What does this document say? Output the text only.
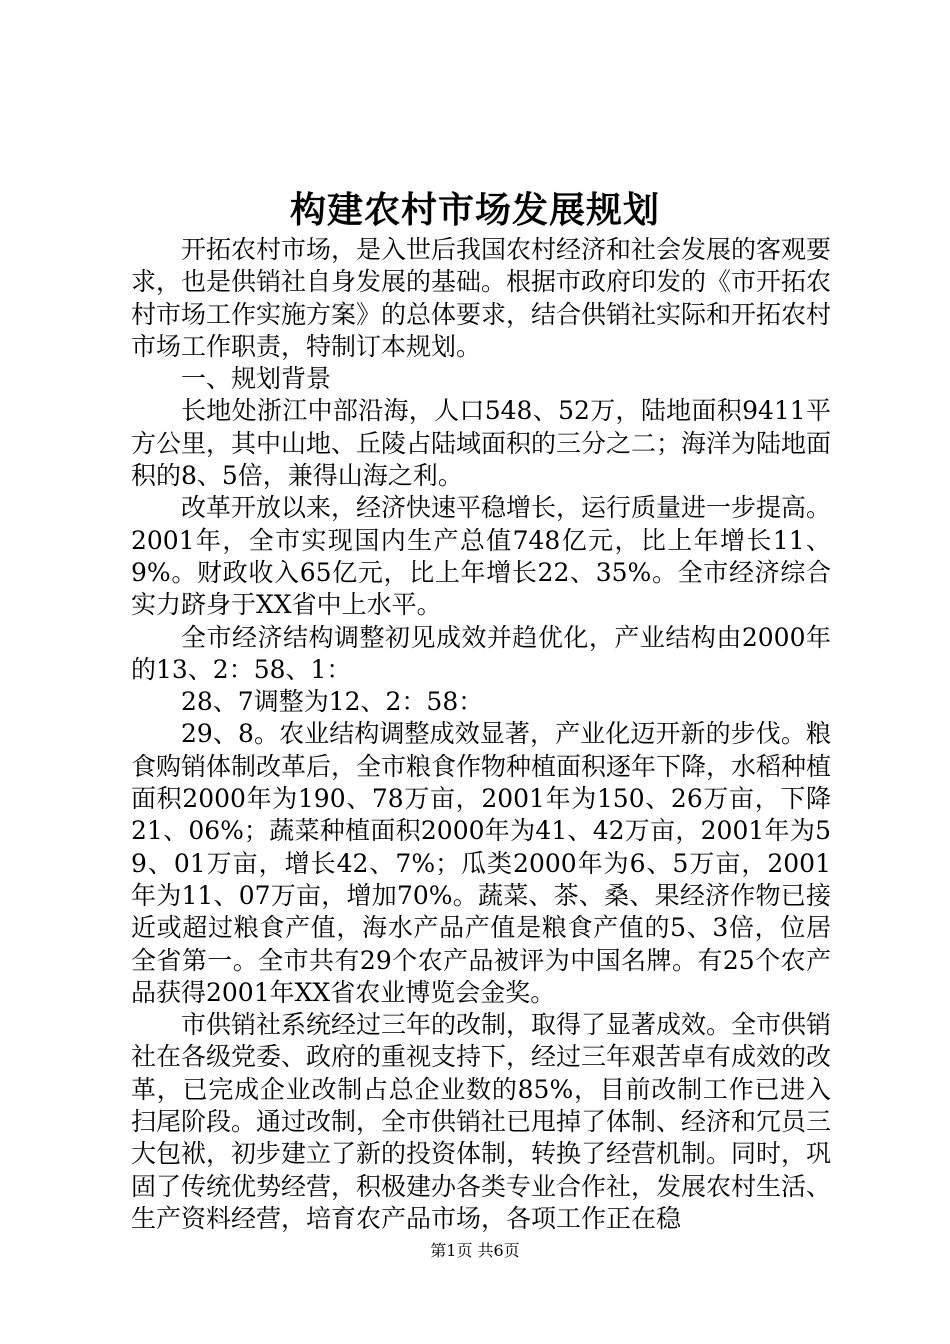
构建农村市场发展规划

开拓农村市场，是入世后我国农村经济和社会发展的客观要求，也是供销社自身发展的基础。根据市政府印发的《市开拓农村市场工作实施方案》的总体要求，结合供销社实际和开拓农村市场工作职责，特制订本规划。

一、规划背景

长地处浙江中部沿海，人口548、52万，陆地面积9411平方公里，其中山地、丘陵占陆域面积的三分之二；海洋为陆地面积的8、5倍，兼得山海之利。

改革开放以来，经济快速平稳增长，运行质量进一步提高。2001年，全市实现国内生产总值748亿元，比上年增长11、9%。财政收入65亿元，比上年增长22、35%。全市经济综合实力跻身于XX省中上水平。

全市经济结构调整初见成效并趋优化，产业结构由2000年的13、2：58、1：

28、7调整为12、2：58：

29、8。农业结构调整成效显著，产业化迈开新的步伐。粮食购销体制改革后，全市粮食作物种植面积逐年下降，水稻种植面积2000年为190、78万亩，2001年为150、26万亩，下降21、06%；蔬菜种植面积2000年为41、42万亩，2001年为59、01万亩，增长42、7%；瓜类2000年为6、5万亩，2001年为11、07万亩，增加70%。蔬菜、茶、桑、果经济作物已接近或超过粮食产值，海水产品产值是粮食产值的5、3倍，位居全省第一。全市共有29个农产品被评为中国名牌。有25个农产品获得2001年XX省农业博览会金奖。

市供销社系统经过三年的改制，取得了显著成效。全市供销社在各级党委、政府的重视支持下，经过三年艰苦卓有成效的改革，已完成企业改制占总企业数的85%，目前改制工作已进入扫尾阶段。通过改制，全市供销社已甩掉了体制、经济和冗员三大包袱，初步建立了新的投资体制，转换了经营机制。同时，巩固了传统优势经营，积极建办各类专业合作社，发展农村生活、生产资料经营，培育农产品市场，各项工作正在稳

第1页 共6页
